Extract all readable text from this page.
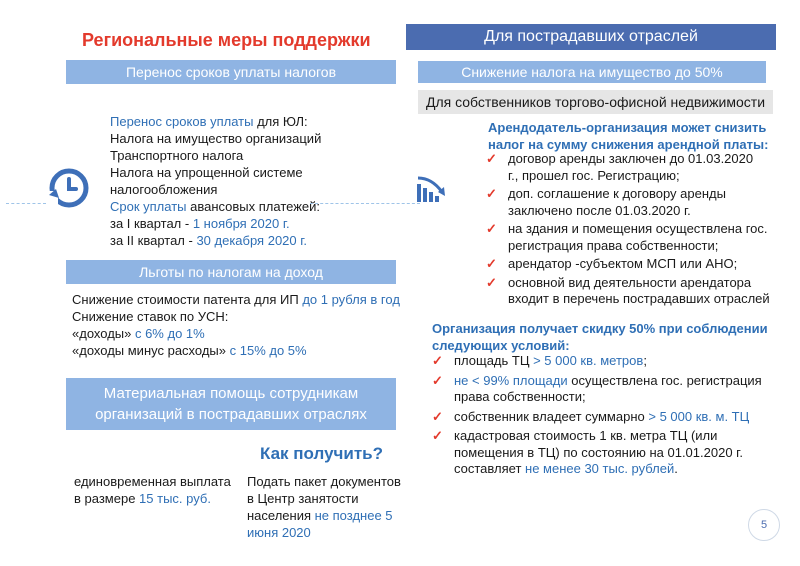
Региональные меры поддержки
Перенос сроков уплаты налогов
Перенос сроков уплаты для ЮЛ:
Налога на имущество организаций
Транспортного налога
Налога на упрощенной системе
налогообложения
Срок уплаты авансовых платежей:
за I квартал - 1 ноября 2020 г.
за II квартал - 30 декабря 2020 г.
Льготы по налогам на доход
Снижение стоимости патента для ИП до 1 рубля в год
Снижение ставок по УСН:
«доходы» с 6% до 1%
«доходы минус расходы» с 15% до 5%
Материальная помощь сотрудникам
организаций в пострадавших отраслях
Как получить?
единовременная выплата
в размере 15 тыс. руб.
Подать пакет документов
в Центр занятости
населения не позднее 5
июня 2020
Для пострадавших отраслей
Снижение налога на имущество до 50%
Для собственников торгово-офисной недвижимости
Арендодатель-организация может снизить
налог на сумму снижения арендной платы:
✓ договор аренды заключен до 01.03.2020
г., прошел гос. Регистрацию;
✓ доп. соглашение к договору аренды
заключено после 01.03.2020 г.
✓ на здания и помещения осуществлена гос.
регистрация права собственности;
✓ арендатор -субъектом МСП или АНО;
✓ основной вид деятельности арендатора
входит в перечень пострадавших отраслей
Организация получает скидку 50% при соблюдении
следующих условий:
✓ площадь ТЦ > 5 000 кв. метров;
✓ не < 99% площади осуществлена гос. регистрация
права собственности;
✓ собственник владеет суммарно > 5 000 кв. м. ТЦ
✓ кадастровая стоимость 1 кв. метра ТЦ (или
помещения в ТЦ) по состоянию на 01.01.2020 г.
составляет не менее 30 тыс. рублей.
5
